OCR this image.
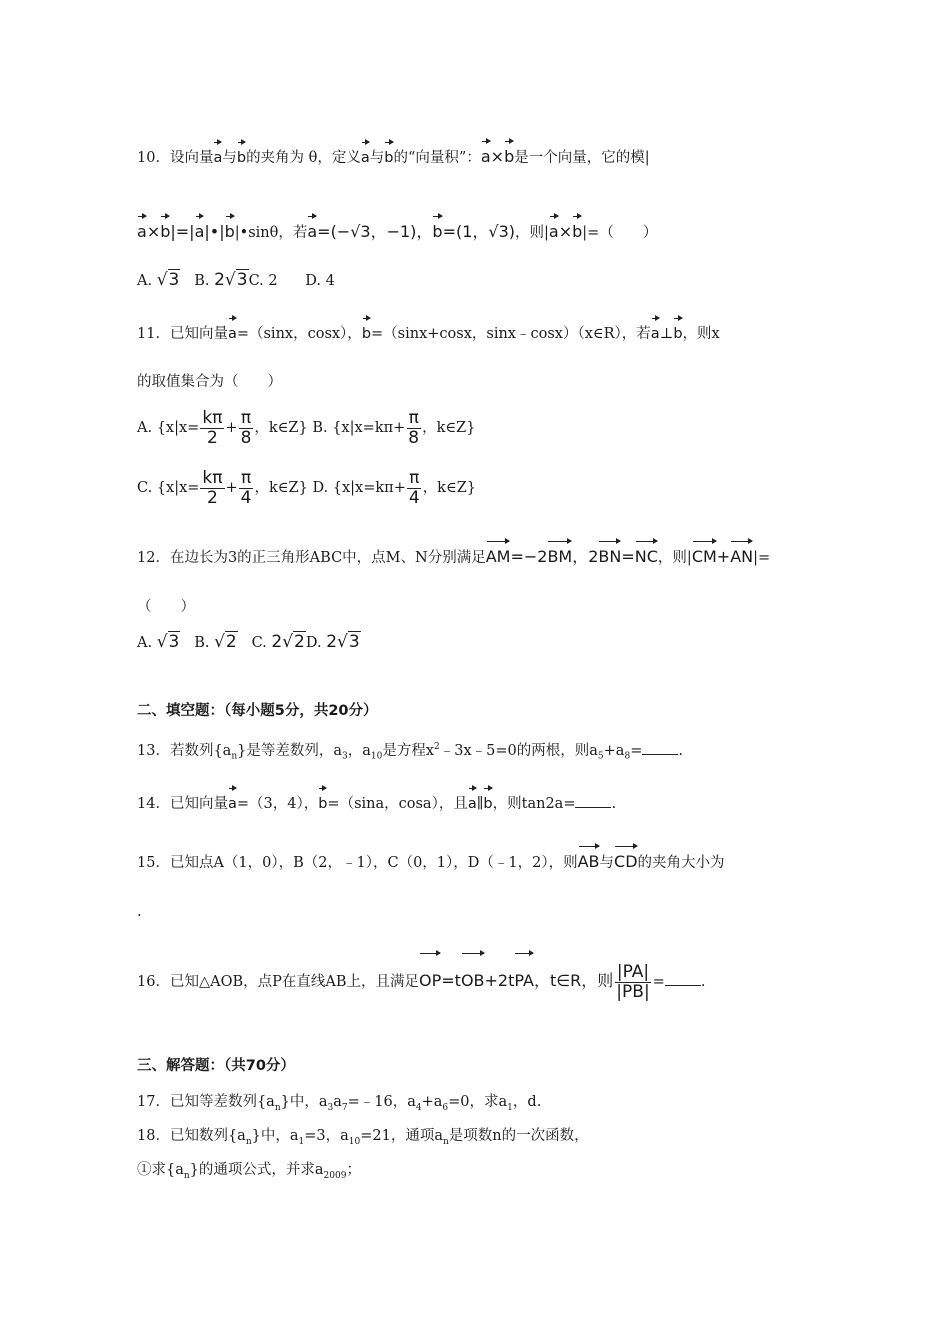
10．设向量a与b的夹角为 θ，定义a与b的“向量积”：a×b是一个向量，它的模|
a×b|=|a|•|b|•sinθ，若a=(−√3，−1)，b=(1，√3)，则|a×b|=（　　）
A. √3 B. 2√3C. 2 D. 4
11．已知向量a=（sinx，cosx），b=（sinx+cosx，sinx﹣cosx）（x∈R），若a⊥b，则x
的取值集合为（　　）
A. {$x|x= \frac{k\pi}{2} + \frac{\pi}{8}$ ，k∈Z} B. {$x|x=k\pi+ \frac{\pi}{8}$ ，k∈Z}
C. {$x|x= \frac{k\pi}{2} + \frac{\pi}{4}$ ，k∈Z} D. {$x|x=k\pi+ \frac{\pi}{4}$ ，k∈Z}
12．在边长为3的正三角形ABC中，点M、N分别满足AM=−2BM，2BN=NC，则|CM+AN|=
（　　）
A. √3 B. √2 C. 2√2D. 2√3
二、填空题：（每小题5分，共20分）
13．若数列$\{a_n\}$是等差数列，$a_3$，$a_{10}$是方程$x^2﹣3x﹣5=0$的两根，则$a_5+a_8=$ .
14．已知向量a=（3，4），b=（sina，cosa），且a∥b，则tan2a= .
15．已知点A（1，0），B（2，﹣1），C（0，1），D（﹣1，2），则AB与CD的夹角大小为
.
16．已知△AOB，点P在直线AB上，且满足OP=tOB+2tPA，t∈R，则 $\frac{|PA|}{|PB|}$ = .
三、解答题：（共70分）
17．已知等差数列$\{a_n\}$中，$a_3a_7=﹣16$，$a_4+a_6=0$，求$a_1$，d.
18．已知数列$\{a_n\}$中，$a_1=3$，$a_{10}=21$，通项$a_n$是项数n的一次函数，
①求$\{a_n\}$的通项公式，并求$a_{2009}$；
